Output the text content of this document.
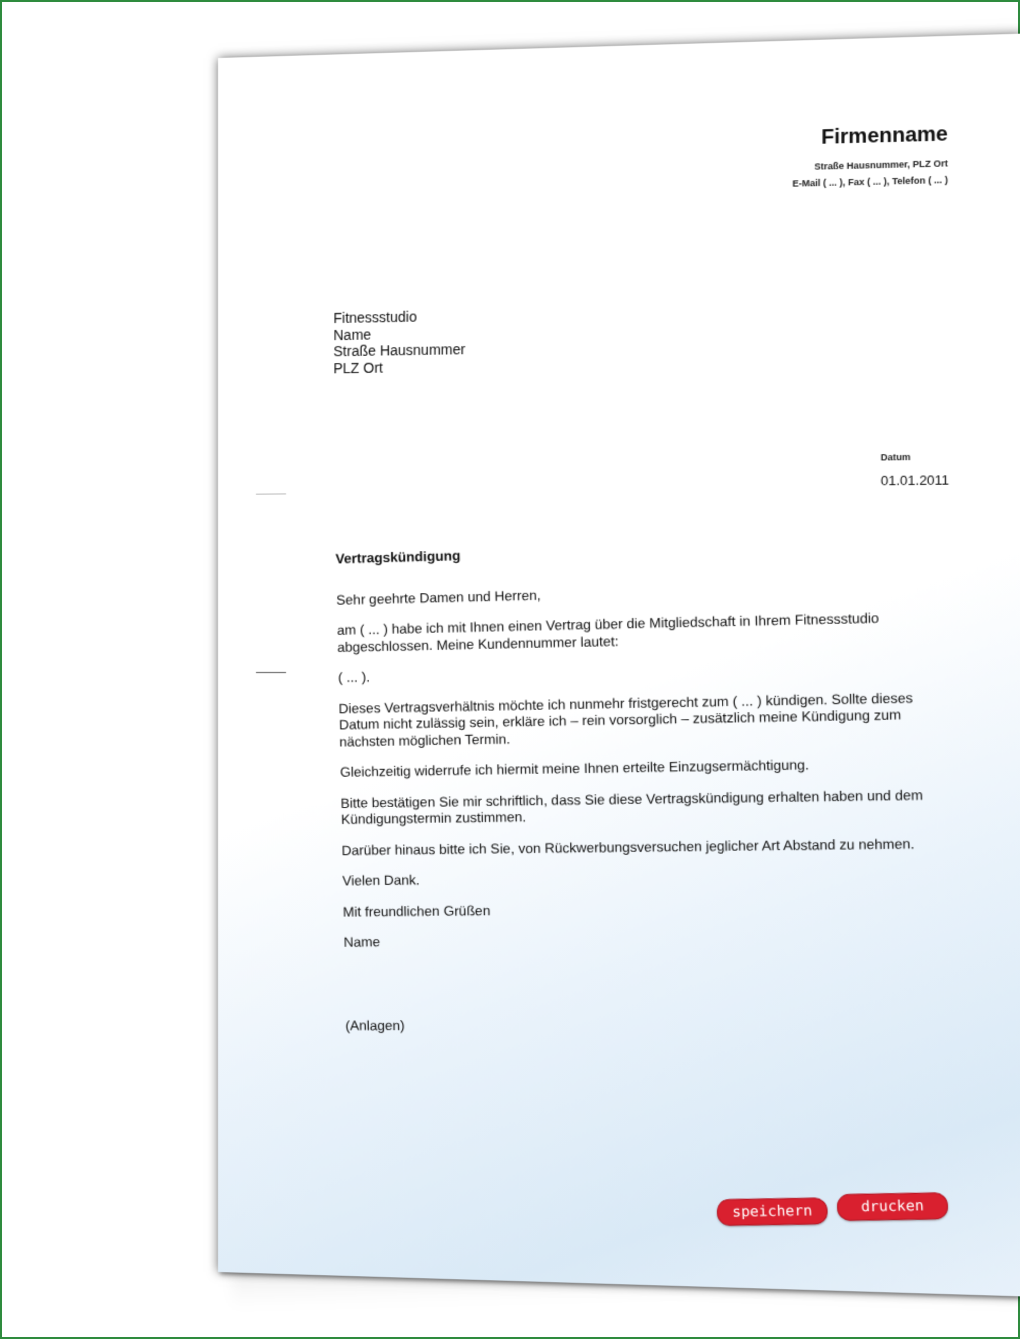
Firmenname
Straße Hausnummer, PLZ Ort
E-Mail ( ... ), Fax ( ... ), Telefon ( ... )
Fitnessstudio
Name
Straße Hausnummer
PLZ Ort
Datum
01.01.2011
Vertragskündigung

Sehr geehrte Damen und Herren,

am ( ... ) habe ich mit Ihnen einen Vertrag über die Mitgliedschaft in Ihrem Fitnessstudio abgeschlossen. Meine Kundennummer lautet:

( ... ).

Dieses Vertragsverhältnis möchte ich nunmehr fristgerecht zum ( ... ) kündigen. Sollte dieses Datum nicht zulässig sein, erkläre ich – rein vorsorglich – zusätzlich meine Kündigung zum nächsten möglichen Termin.

Gleichzeitig widerrufe ich hiermit meine Ihnen erteilte Einzugsermächtigung.

Bitte bestätigen Sie mir schriftlich, dass Sie diese Vertragskündigung erhalten haben und dem Kündigungstermin zustimmen.

Darüber hinaus bitte ich Sie, von Rückwerbungsversuchen jeglicher Art Abstand zu nehmen.

Vielen Dank.

Mit freundlichen Grüßen

Name

(Anlagen)

speichern	drucken
